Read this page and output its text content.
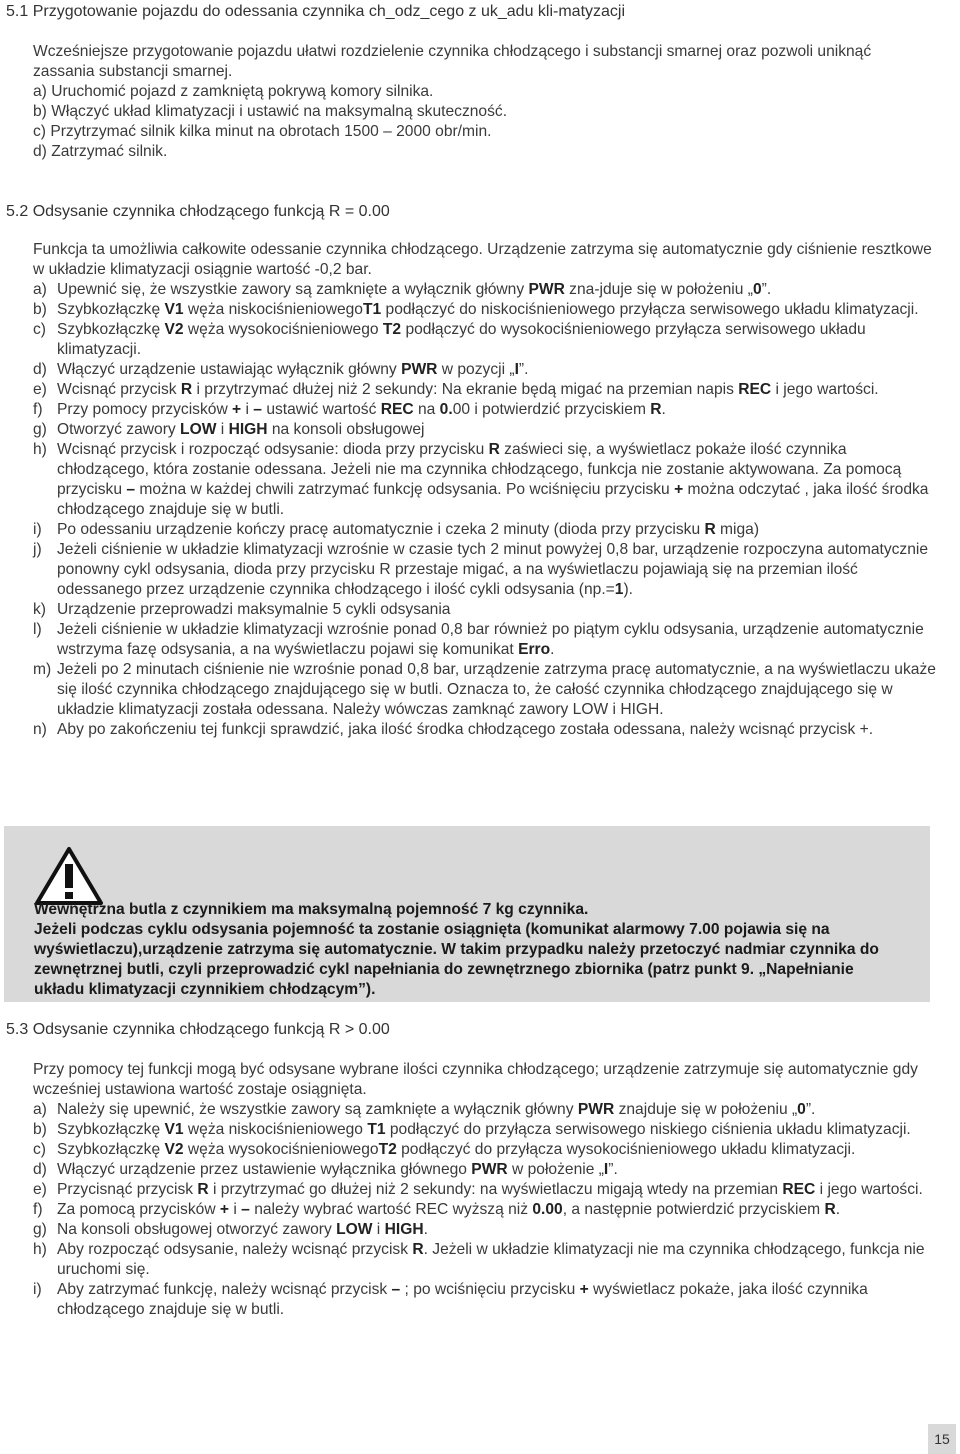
5.1 Przygotowanie pojazdu do odessania czynnika ch_odz_cego z uk_adu kli-matyzacji

Wcześniejsze przygotowanie pojazdu ułatwi rozdzielenie czynnika chłodzącego i substancji smarnej oraz pozwoli uniknąć zassania substancji smarnej.

a) Uruchomić pojazd z zamkniętą pokrywą komory silnika.

b) Włączyć układ klimatyzacji i ustawić na maksymalną skuteczność.

c) Przytrzymać silnik kilka minut na obrotach 1500 – 2000 obr/min.

d) Zatrzymać silnik.

5.2 Odsysanie czynnika chłodzącego funkcją R = 0.00

Funkcja ta umożliwia całkowite odessanie czynnika chłodzącego. Urządzenie zatrzyma się automatycznie gdy ciśnienie resztkowe w układzie klimatyzacji osiągnie wartość -0,2 bar.

a) Upewnić się, że wszystkie zawory są zamknięte a wyłącznik główny PWR zna-jduje się w położeniu „0”.
b) Szybkozłączkę V1 węża niskociśnieniowegoT1 podłączyć do niskociśnieniowego przyłącza serwisowego układu klimatyzacji.
c) Szybkozłączkę V2 węża wysokociśnieniowego T2 podłączyć do wysokociśnieniowego przyłącza serwisowego układu klimatyzacji.
d) Włączyć urządzenie ustawiając wyłącznik główny PWR w pozycji „I”.
e) Wcisnąć przycisk R i przytrzymać dłużej niż 2 sekundy: Na ekranie będą migać na przemian napis REC i jego wartości.
f) Przy pomocy przycisków + i – ustawić wartość REC na 0.00 i potwierdzić przyciskiem R.
g) Otworzyć zawory LOW i HIGH na konsoli obsługowej
h) Wcisnąć przycisk i rozpocząć odsysanie: dioda przy przycisku R zaświeci się, a wyświetlacz pokaże ilość czynnika chłodzącego, która zostanie odessana. Jeżeli nie ma czynnika chłodzącego, funkcja nie zostanie aktywowana. Za pomocą przycisku – można w każdej chwili zatrzymać funkcję odsysania. Po wciśnięciu przycisku + można odczytać , jaka ilość środka chłodzącego znajduje się w butli.
i) Po odessaniu urządzenie kończy pracę automatycznie i czeka 2 minuty (dioda przy przycisku R miga)
j) Jeżeli ciśnienie w układzie klimatyzacji wzrośnie w czasie tych 2 minut powyżej 0,8 bar, urządzenie rozpoczyna automatycznie ponowny cykl odsysania, dioda przy przycisku R przestaje migać, a na wyświetlaczu pojawiają się na przemian ilość odessanego przez urządzenie czynnika chłodzącego i ilość cykli odsysania (np.=1).
k) Urządzenie przeprowadzi maksymalnie 5 cykli odsysania
l) Jeżeli ciśnienie w układzie klimatyzacji wzrośnie ponad 0,8 bar również po piątym cyklu odsysania, urządzenie automatycznie wstrzyma fazę odsysania, a na wyświetlaczu pojawi się komunikat Erro.
m) Jeżeli po 2 minutach ciśnienie nie wzrośnie ponad 0,8 bar, urządzenie zatrzyma pracę automatycznie, a na wyświetlaczu ukaże się ilość czynnika chłodzącego znajdującego się w butli. Oznacza to, że całość czynnika chłodzącego znajdującego się w układzie klimatyzacji została odessana. Należy wówczas zamknąć zawory LOW i HIGH.
n) Aby po zakończeniu tej funkcji sprawdzić, jaka ilość środka chłodzącego została odessana, należy wcisnąć przycisk +.

Wewnętrzna butla z czynnikiem ma maksymalną pojemność 7 kg czynnika.

Jeżeli podczas cyklu odsysania pojemność ta zostanie osiągnięta (komunikat alarmowy 7.00 pojawia się na wyświetlaczu),urządzenie zatrzyma się automatycznie. W takim przypadku należy przetoczyć nadmiar czynnika do zewnętrznej butli, czyli przeprowadzić cykl napełniania do zewnętrznego zbiornika (patrz punkt 9. „Napełnianie układu klimatyzacji czynnikiem chłodzącym”).

5.3 Odsysanie czynnika chłodzącego funkcją R > 0.00

Przy pomocy tej funkcji mogą być odsysane wybrane ilości czynnika chłodzącego; urządzenie zatrzymuje się automatycznie gdy wcześniej ustawiona wartość zostaje osiągnięta.

a) Należy się upewnić, że wszystkie zawory są zamknięte a wyłącznik główny PWR znajduje się w położeniu „0”.
b) Szybkozłączkę V1 węża niskociśnieniowego T1 podłączyć do przyłącza serwisowego niskiego ciśnienia układu klimatyzacji.
c) Szybkozłączkę V2 węża wysokociśnieniowegoT2 podłączyć do przyłącza wysokociśnieniowego układu klimatyzacji.
d) Włączyć urządzenie przez ustawienie wyłącznika głównego PWR w położenie „I”.
e) Przycisnąć przycisk R i przytrzymać go dłużej niż 2 sekundy: na wyświetlaczu migają wtedy na przemian REC i jego wartości.
f) Za pomocą przycisków + i – należy wybrać wartość REC wyższą niż 0.00, a następnie potwierdzić przyciskiem R.
g) Na konsoli obsługowej otworzyć zawory LOW i HIGH.
h) Aby rozpocząć odsysanie, należy wcisnąć przycisk R. Jeżeli w układzie klimatyzacji nie ma czynnika chłodzącego, funkcja nie uruchomi się.
i) Aby zatrzymać funkcję, należy wcisnąć przycisk – ; po wciśnięciu przycisku + wyświetlacz pokaże, jaka ilość czynnika chłodzącego znajduje się w butli.
15
